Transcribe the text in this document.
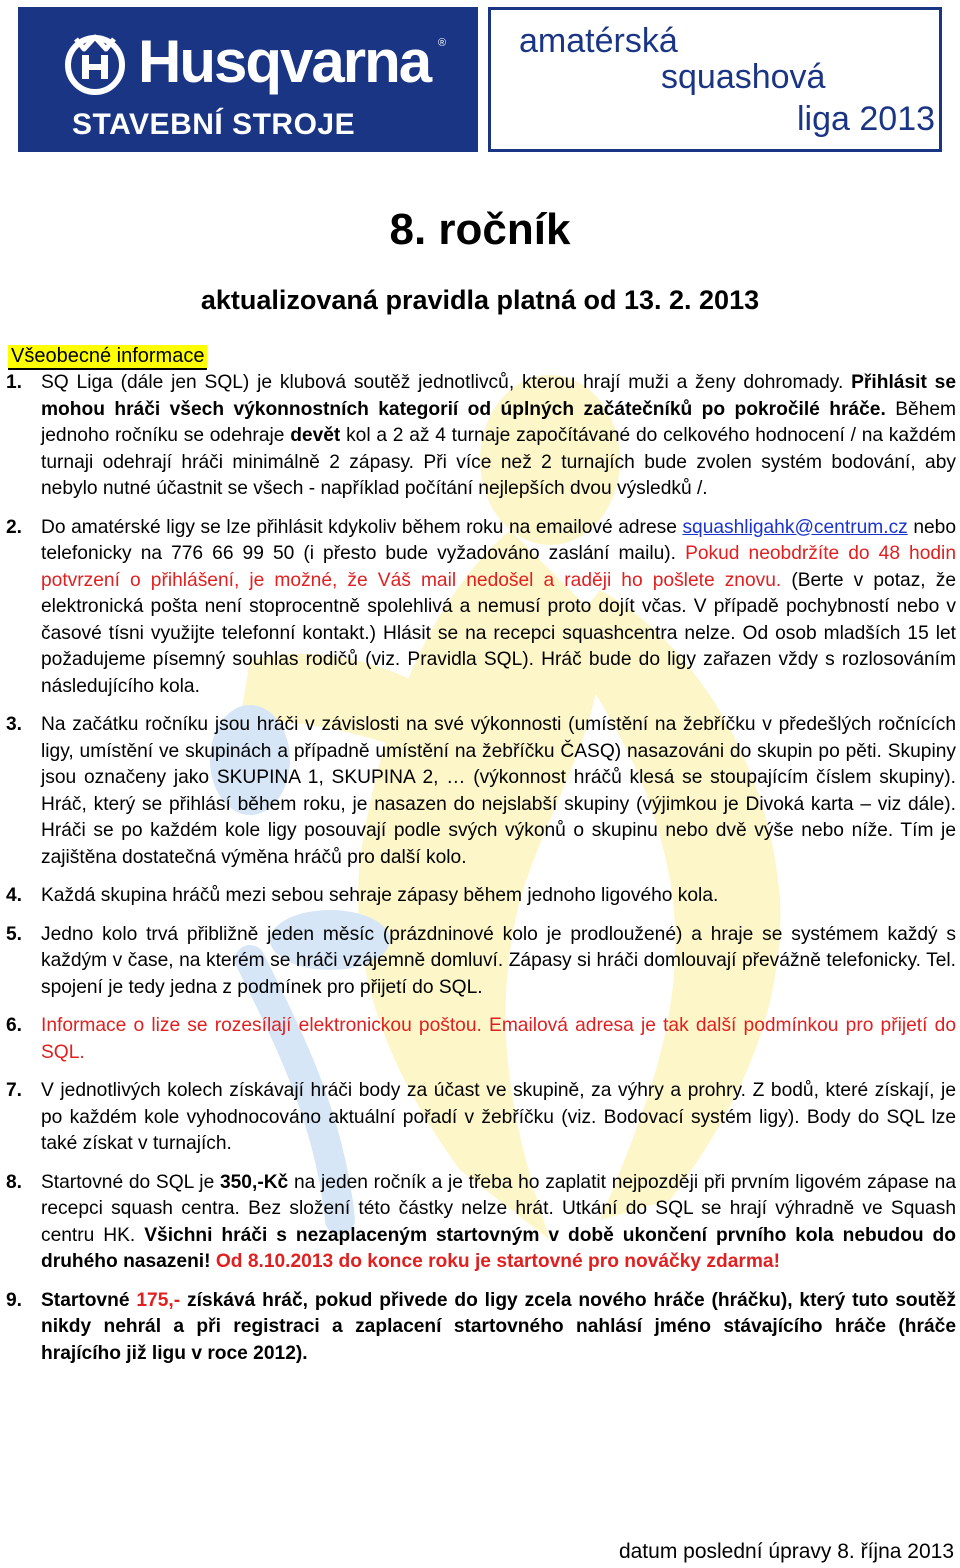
Husqvarna ®
STAVEBNÍ STROJE
amatérská
squashová
liga 2013
8. ročník
aktualizovaná pravidla platná od 13. 2. 2013
Všeobecné informace
1. SQ Liga (dále jen SQL) je klubová soutěž jednotlivců, kterou hrají muži a ženy dohromady. Přihlásit se mohou hráči všech výkonnostních kategorií od úplných začátečníků po pokročilé hráče. Během jednoho ročníku se odehraje devět kol a 2 až 4 turnaje započítávané do celkového hodnocení / na každém turnaji odehrají hráči minimálně 2 zápasy. Při více než 2 turnajích bude zvolen systém bodování, aby nebylo nutné účastnit se všech - například počítání nejlepších dvou výsledků /.
2. Do amatérské ligy se lze přihlásit kdykoliv během roku na emailové adrese squashligahk@centrum.cz nebo telefonicky na 776 66 99 50 (i přesto bude vyžadováno zaslání mailu). Pokud neobdržíte do 48 hodin potvrzení o přihlášení, je možné, že Váš mail nedošel a raději ho pošlete znovu. (Berte v potaz, že elektronická pošta není stoprocentně spolehlivá a nemusí proto dojít včas. V případě pochybností nebo v časové tísni využijte telefonní kontakt.) Hlásit se na recepci squashcentra nelze. Od osob mladších 15 let požadujeme písemný souhlas rodičů (viz. Pravidla SQL). Hráč bude do ligy zařazen vždy s rozlosováním následujícího kola.
3. Na začátku ročníku jsou hráči v závislosti na své výkonnosti (umístění na žebříčku v předešlých ročnících ligy, umístění ve skupinách a případně umístění na žebříčku ČASQ) nasazováni do skupin po pěti. Skupiny jsou označeny jako SKUPINA 1, SKUPINA 2, … (výkonnost hráčů klesá se stoupajícím číslem skupiny). Hráč, který se přihlásí během roku, je nasazen do nejslabší skupiny (výjimkou je Divoká karta – viz dále). Hráči se po každém kole ligy posouvají podle svých výkonů o skupinu nebo dvě výše nebo níže. Tím je zajištěna dostatečná výměna hráčů pro další kolo.
4. Každá skupina hráčů mezi sebou sehraje zápasy během jednoho ligového kola.
5. Jedno kolo trvá přibližně jeden měsíc (prázdninové kolo je prodloužené) a hraje se systémem každý s každým v čase, na kterém se hráči vzájemně domluví. Zápasy si hráči domlouvají převážně telefonicky. Tel. spojení je tedy jedna z podmínek pro přijetí do SQL.
6. Informace o lize se rozesílají elektronickou poštou. Emailová adresa je tak další podmínkou pro přijetí do SQL.
7. V jednotlivých kolech získávají hráči body za účast ve skupině, za výhry a prohry. Z bodů, které získají, je po každém kole vyhodnocováno aktuální pořadí v žebříčku (viz. Bodovací systém ligy). Body do SQL lze také získat v turnajích.
8. Startovné do SQL je 350,-Kč na jeden ročník a je třeba ho zaplatit nejpozději při prvním ligovém zápase na recepci squash centra. Bez složení této částky nelze hrát. Utkání do SQL se hrají výhradně ve Squash centru HK. Všichni hráči s nezaplaceným startovným v době ukončení prvního kola nebudou do druhého nasazeni! Od 8.10.2013 do konce roku je startovné pro nováčky zdarma!
9. Startovné 175,- získává hráč, pokud přivede do ligy zcela nového hráče (hráčku), který tuto soutěž nikdy nehrál a při registraci a zaplacení startovného nahlásí jméno stávajícího hráče (hráče hrajícího již ligu v roce 2012).
datum poslední úpravy 8. října 2013
